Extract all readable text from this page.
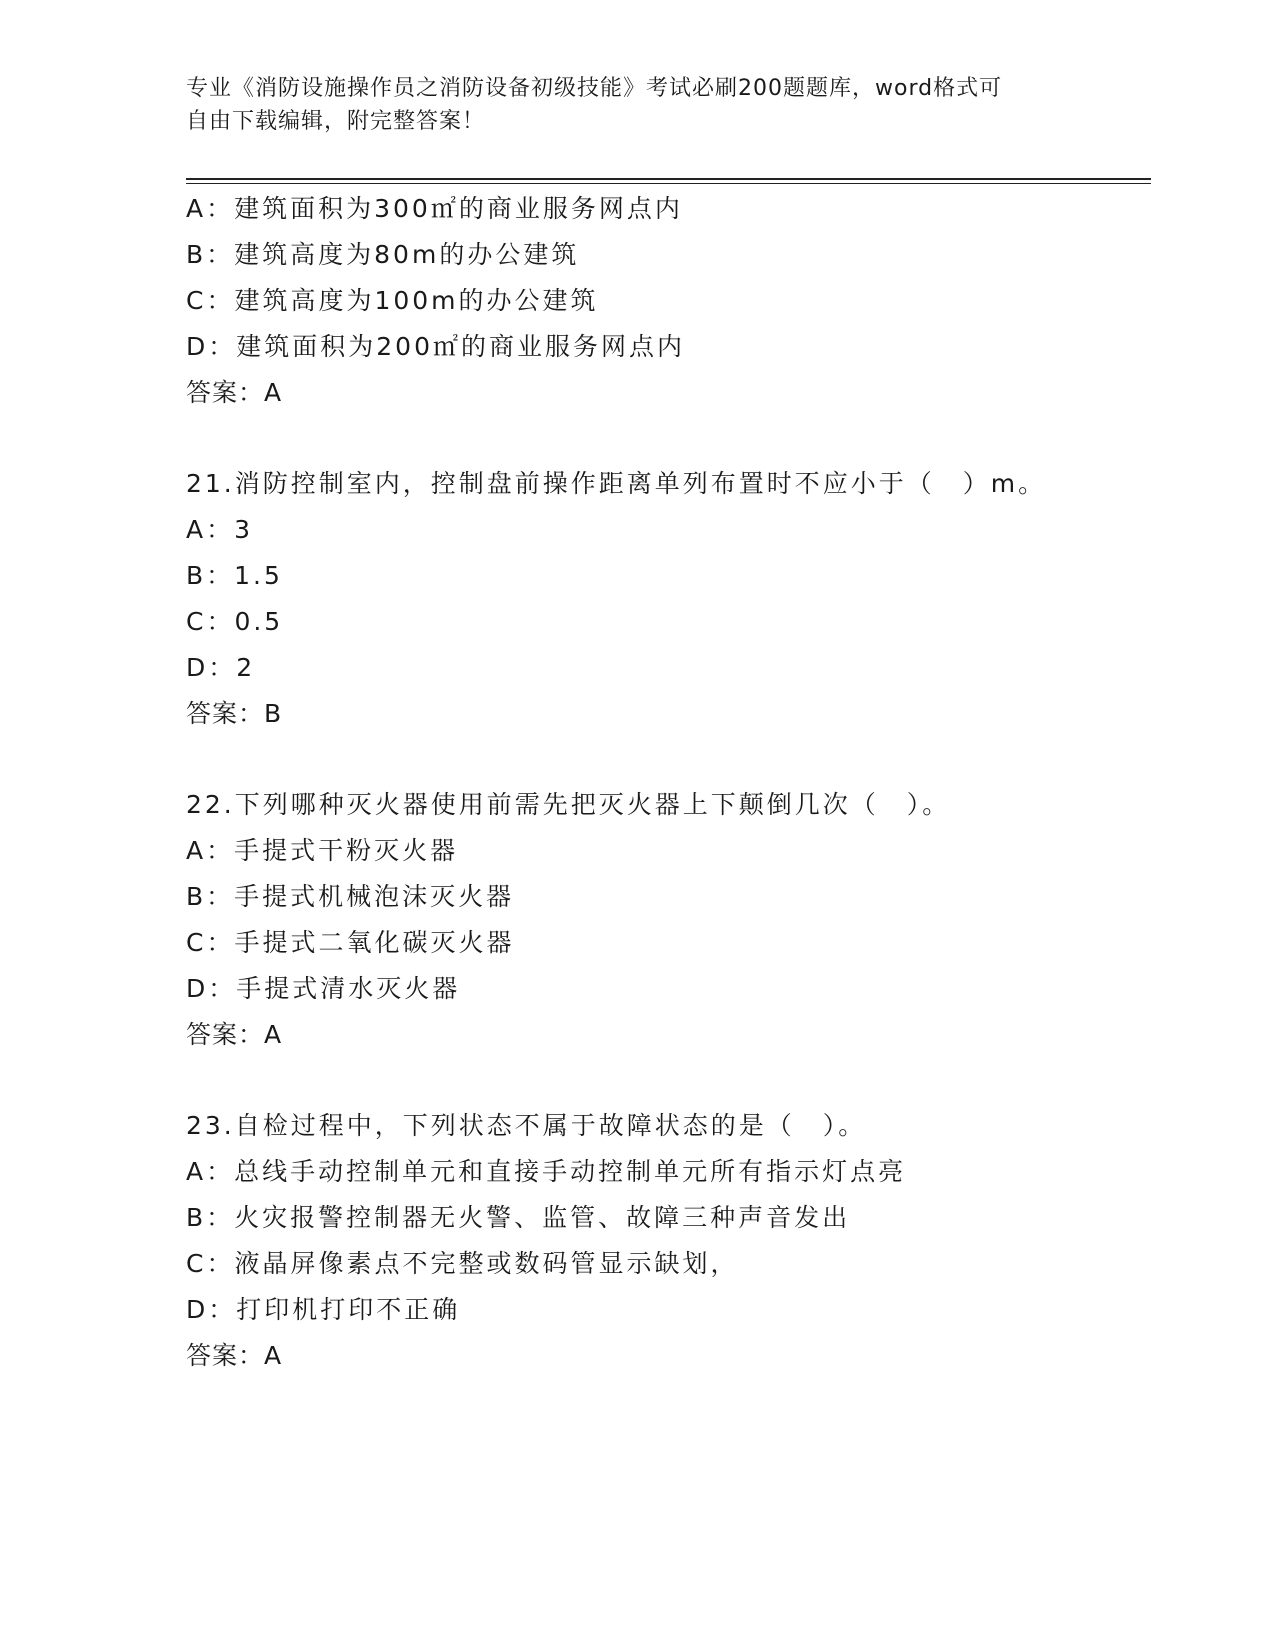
专业《消防设施操作员之消防设备初级技能》考试必刷200题题库，word格式可
自由下载编辑，附完整答案！
A：建筑面积为300㎡的商业服务网点内
B：建筑高度为80m的办公建筑
C：建筑高度为100m的办公建筑
D：建筑面积为200㎡的商业服务网点内
答案：A
21.消防控制室内，控制盘前操作距离单列布置时不应小于（　）m。
A：3
B：1.5
C：0.5
D：2
答案：B
22.下列哪种灭火器使用前需先把灭火器上下颠倒几次（　）。
A：手提式干粉灭火器
B：手提式机械泡沫灭火器
C：手提式二氧化碳灭火器
D：手提式清水灭火器
答案：A
23.自检过程中，下列状态不属于故障状态的是（　）。
A：总线手动控制单元和直接手动控制单元所有指示灯点亮
B：火灾报警控制器无火警、监管、故障三种声音发出
C：液晶屏像素点不完整或数码管显示缺划，
D：打印机打印不正确
答案：A
